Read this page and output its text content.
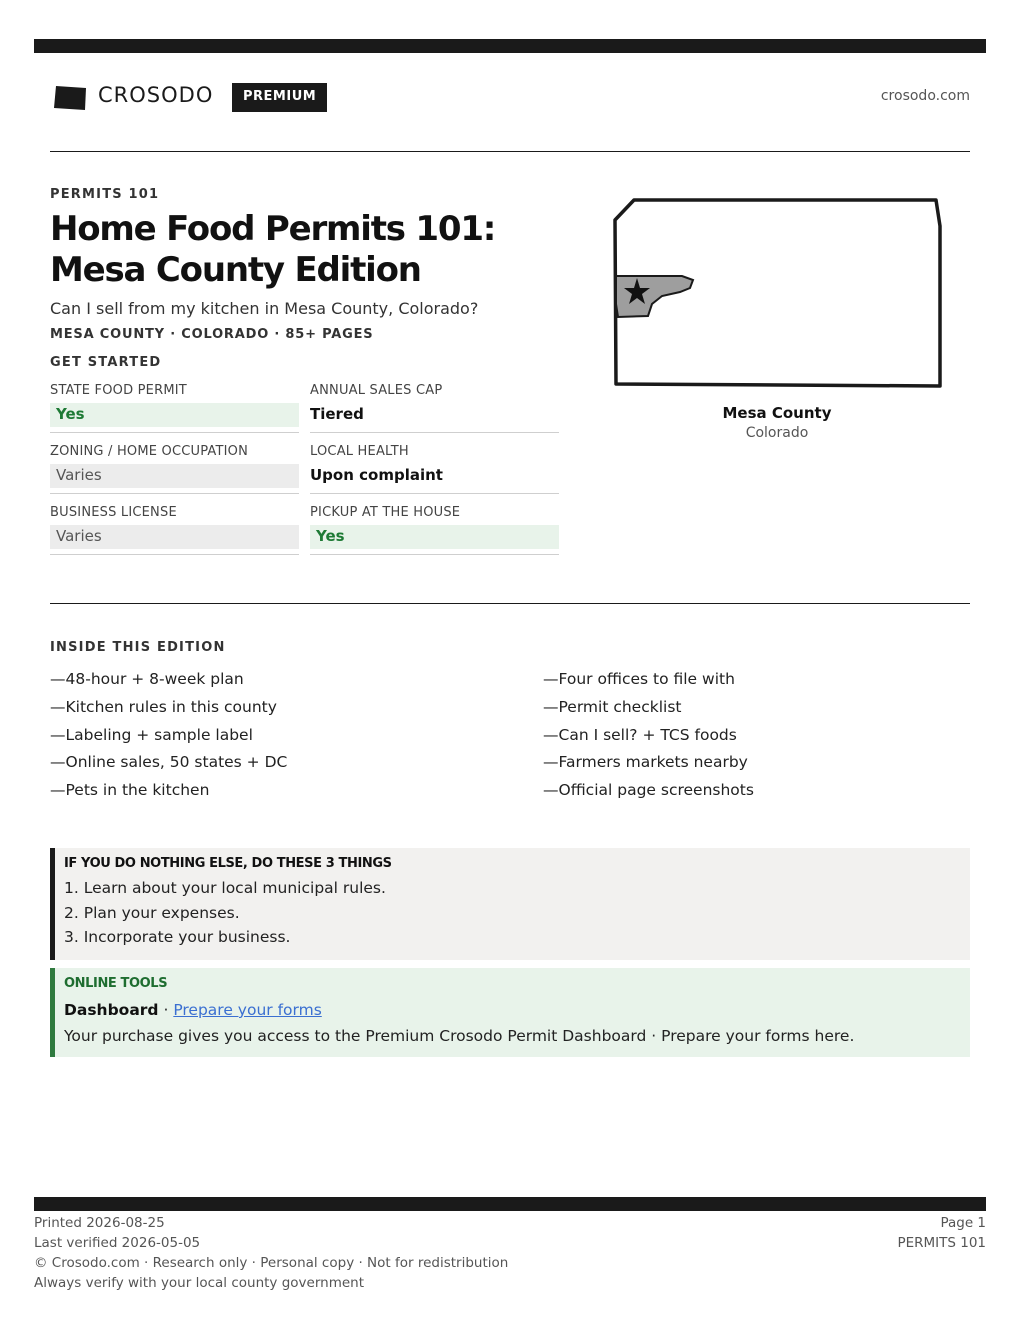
CROSODO	PREMIUM	crosodo.com
PERMITS 101
Home Food Permits 101: Mesa County Edition
Can I sell from my kitchen in Mesa County, Colorado?
MESA COUNTY · COLORADO · 85+ PAGES
GET STARTED
STATE FOOD PERMIT
Yes
ANNUAL SALES CAP
Tiered
ZONING / HOME OCCUPATION
Varies
LOCAL HEALTH
Upon complaint
BUSINESS LICENSE
Varies
PICKUP AT THE HOUSE
Yes
Mesa County
Colorado
INSIDE THIS EDITION
—48-hour + 8-week plan
—Kitchen rules in this county
—Labeling + sample label
—Online sales, 50 states + DC
—Pets in the kitchen
—Four offices to file with
—Permit checklist
—Can I sell? + TCS foods
—Farmers markets nearby
—Official page screenshots
IF YOU DO NOTHING ELSE, DO THESE 3 THINGS
1. Learn about your local municipal rules.
2. Plan your expenses.
3. Incorporate your business.
ONLINE TOOLS
Dashboard · Prepare your forms
Your purchase gives you access to the Premium Crosodo Permit Dashboard · Prepare your forms here.
Printed 2026-08-25
Last verified 2026-05-05
© Crosodo.com · Research only · Personal copy · Not for redistribution
Always verify with your local county government
Page 1
PERMITS 101
